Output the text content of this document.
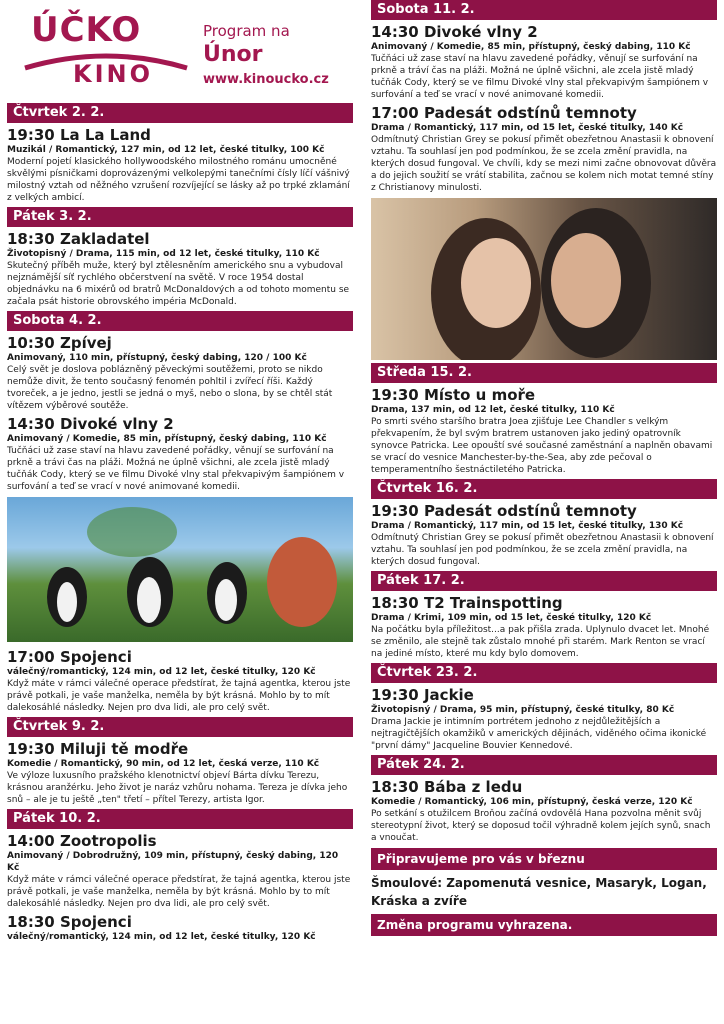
ÚČKO
KINO
Program na
Únor
www.kinoucko.cz
Čtvrtek 2. 2.
19:30 La La Land
Muzikál / Romantický, 127 min, od 12 let, české titulky, 100 Kč
Moderní pojetí klasického hollywoodského milostného románu umocněné skvělými písničkami doprovázenými velkolepými tanečními čísly líčí vášnivý milostný vztah od něžného vzrušení rozvíjející se lásky až po trpké zklamání z velkých ambicí.
Pátek 3. 2.
18:30 Zakladatel
Životopisný / Drama, 115 min, od 12 let, české titulky, 110 Kč
Skutečný příběh muže, který byl ztělesněním amerického snu a vybudoval nejznámější síť rychlého občerstvení na světě. V roce 1954 dostal objednávku na 6 mixérů od bratrů McDonaldových a od tohoto momentu se začala psát historie obrovského impéria McDonald.
Sobota 4. 2.
10:30 Zpívej
Animovaný, 110 min, přístupný, český dabing, 120 / 100 Kč
Celý svět je doslova poblázněný pěveckými soutěžemi, proto se nikdo nemůže divit, že tento současný fenomén pohltil i zvířecí říši. Každý tvoreček, a je jedno, jestli se jedná o myš, nebo o slona, by se chtěl stát vítězem výběrové soutěže.
14:30 Divoké vlny 2
Animovaný / Komedie, 85 min, přístupný, český dabing, 110 Kč
Tučňáci už zase staví na hlavu zavedené pořádky, věnují se surfování na prkně a trávi čas na pláži. Možná ne úplně všichni, ale zcela jistě mladý tučňák Cody, který se ve filmu Divoké vlny stal překvapivým šampiónem v surfování a teď se vrací v nové animované komedii.
17:00 Spojenci
válečný/romantický, 124 min, od 12 let, české titulky, 120 Kč
Když máte v rámci válečné operace předstírat, že tajná agentka, kterou jste právě potkali, je vaše manželka, neměla by být krásná. Mohlo by to mít dalekosáhlé následky. Nejen pro dva lidi, ale pro celý svět.
Čtvrtek 9. 2.
19:30 Miluji tě modře
Komedie / Romantický, 90 min, od 12 let, česká verze, 110 Kč
Ve výloze luxusního pražského klenotnictví objeví Bárta dívku Terezu, krásnou aranžérku. Jeho život je naráz vzhůru nohama. Tereza je dívka jeho snů – ale je tu ještě „ten" třetí – přítel Terezy, artista Igor.
Pátek 10. 2.
14:00 Zootropolis
Animovaný / Dobrodružný, 109 min, přístupný, český dabing, 120 Kč
Když máte v rámci válečné operace předstírat, že tajná agentka, kterou jste právě potkali, je vaše manželka, neměla by být krásná. Mohlo by to mít dalekosáhlé následky. Nejen pro dva lidi, ale pro celý svět.
18:30 Spojenci
válečný/romantický, 124 min, od 12 let, české titulky, 120 Kč
Sobota 11. 2.
14:30 Divoké vlny 2
Animovaný / Komedie, 85 min, přístupný, český dabing, 110 Kč
Tučňáci už zase staví na hlavu zavedené pořádky, věnují se surfování na prkně a tráví čas na pláži. Možná ne úplně všichni, ale zcela jistě mladý tučňák Cody, který se ve filmu Divoké vlny stal překvapivým šampiónem v surfování a teď se vrací v nové animované komedii.
17:00 Padesát odstínů temnoty
Drama / Romantický, 117 min, od 15 let, české titulky, 140 Kč
Odmítnutý Christian Grey se pokusí přimět obezřetnou Anastasii k obnovení vztahu. Ta souhlasí jen pod podmínkou, že se zcela změní pravidla, na kterých dosud fungoval. Ve chvíli, kdy se mezi nimi začne obnovovat důvěra a do jejich soužití se vrátí stabilita, začnou se kolem nich motat temné stíny z Christianovy minulosti.
Středa 15. 2.
19:30 Místo u moře
Drama, 137 min, od 12 let, české titulky, 110 Kč
Po smrti svého staršího bratra Joea zjišťuje Lee Chandler s velkým překvapením, že byl svým bratrem ustanoven jako jediný opatrovník synovce Patricka. Lee opouští své současné zaměstnání a naplněn obavami se vrací do vesnice Manchester-by-the-Sea, aby zde pečoval o temperamentního šestnáctiletého Patricka.
Čtvrtek 16. 2.
19:30 Padesát odstínů temnoty
Drama / Romantický, 117 min, od 15 let, české titulky, 130 Kč
Odmítnutý Christian Grey se pokusí přimět obezřetnou Anastasii k obnovení vztahu. Ta souhlasí jen pod podmínkou, že se zcela změní pravidla, na kterých dosud fungoval.
Pátek 17. 2.
18:30 T2 Trainspotting
Drama / Krimi, 109 min, od 15 let, české titulky, 120 Kč
Na počátku byla příležitost...a pak přišla zrada. Uplynulo dvacet let. Mnohé se změnilo, ale stejně tak zůstalo mnohé při starém. Mark Renton se vrací na jediné místo, které mu kdy bylo domovem.
Čtvrtek 23. 2.
19:30 Jackie
Životopisný / Drama, 95 min, přístupný, české titulky, 80 Kč
Drama Jackie je intimním portrétem jednoho z nejdůležitějších a nejtragičtějších okamžiků v amerických dějinách, viděného očima ikonické "první dámy" Jacqueline Bouvier Kennedové.
Pátek 24. 2.
18:30 Bába z ledu
Komedie / Romantický, 106 min, přístupný, česká verze, 120 Kč
Po setkání s otužilcem Broňou začíná ovdovělá Hana pozvolna měnit svůj stereotypní život, který se doposud točil výhradně kolem jejích synů, snach a vnoučat.
Připravujeme pro vás v březnu
Šmoulové: Zapomenutá vesnice, Masaryk, Logan, Kráska a zvíře
Změna programu vyhrazena.
